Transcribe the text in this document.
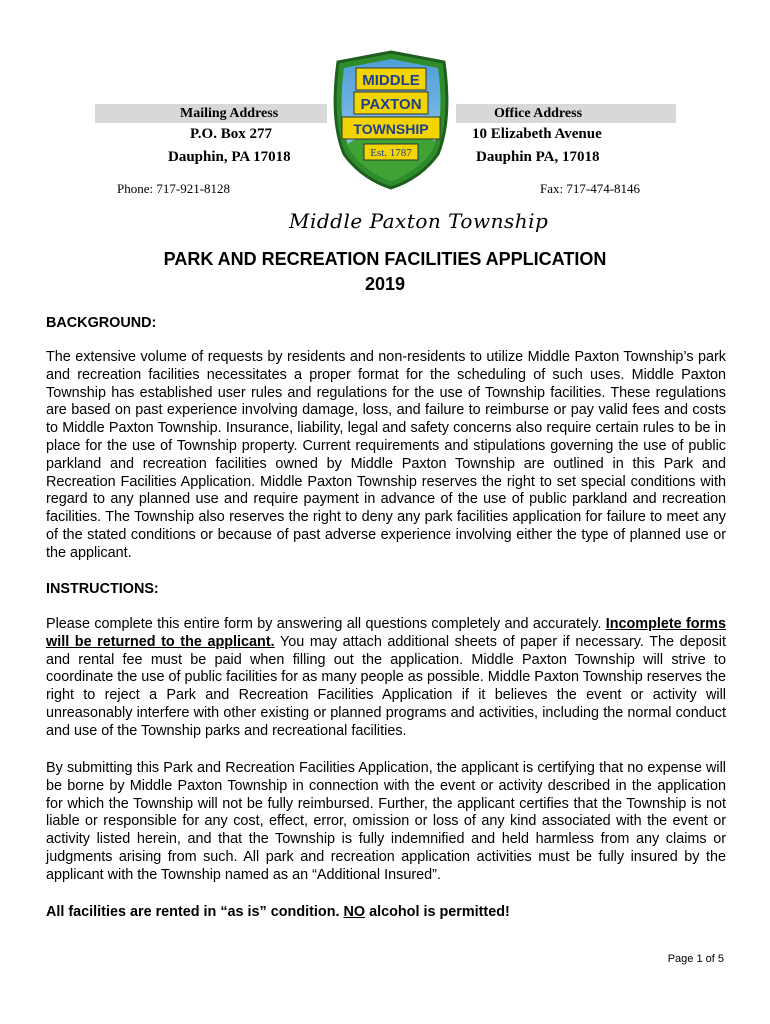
Mailing Address	Office Address
P.O. Box 277
Dauphin, PA 17018
10 Elizabeth Avenue
Dauphin PA, 17018
Phone: 717-921-8128	Fax: 717-474-8146
MIDDLE
PAXTON
TOWNSHIP
Est. 1787
Middle Paxton Township
PARK AND RECREATION FACILITIES APPLICATION
2019
BACKGROUND:

The extensive volume of requests by residents and non-residents to utilize Middle Paxton Township’s park and recreation facilities necessitates a proper format for the scheduling of such uses. Middle Paxton Township has established user rules and regulations for the use of Township facilities. These regulations are based on past experience involving damage, loss, and failure to reimburse or pay valid fees and costs to Middle Paxton Township. Insurance, liability, legal and safety concerns also require certain rules to be in place for the use of Township property. Current requirements and stipulations governing the use of public parkland and recreation facilities owned by Middle Paxton Township are outlined in this Park and Recreation Facilities Application. Middle Paxton Township reserves the right to set special conditions with regard to any planned use and require payment in advance of the use of public parkland and recreation facilities. The Township also reserves the right to deny any park facilities application for failure to meet any of the stated conditions or because of past adverse experience involving either the type of planned use or the applicant.

INSTRUCTIONS:

Please complete this entire form by answering all questions completely and accurately. Incomplete forms will be returned to the applicant. You may attach additional sheets of paper if necessary. The deposit and rental fee must be paid when filling out the application. Middle Paxton Township will strive to coordinate the use of public facilities for as many people as possible. Middle Paxton Township reserves the right to reject a Park and Recreation Facilities Application if it believes the event or activity will unreasonably interfere with other existing or planned programs and activities, including the normal conduct and use of the Township parks and recreational facilities.

By submitting this Park and Recreation Facilities Application, the applicant is certifying that no expense will be borne by Middle Paxton Township in connection with the event or activity described in the application for which the Township will not be fully reimbursed. Further, the applicant certifies that the Township is not liable or responsible for any cost, effect, error, omission or loss of any kind associated with the event or activity listed herein, and that the Township is fully indemnified and held harmless from any claims or judgments arising from such. All park and recreation application activities must be fully insured by the applicant with the Township named as an “Additional Insured”.

All facilities are rented in “as is” condition. NO alcohol is permitted!

Page 1 of 5
